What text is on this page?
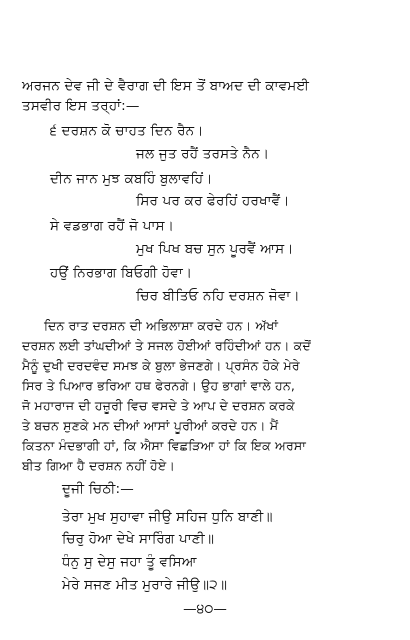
ਅਰਜਨ ਦੇਵ ਜੀ ਦੇ ਵੈਰਾਗ ਦੀ ਇਸ ਤੋਂ ਬਾਅਦ ਦੀ ਕਾਵਮਈ
ਤਸਵੀਰ ਇਸ ਤਰ੍ਹਾਂ:—
੬ ਦਰਸ਼ਨ ਕੋ ਚਾਹਤ ਦਿਨ ਰੈਨ।
ਜਲ ਜੁਤ ਰਹੈਂ ਤਰਸਤੇ ਨੈਨ।
ਦੀਨ ਜਾਨ ਮੁਝ ਕਬਹਿੰ ਬੁਲਾਵਹਿਂ।
ਸਿਰ ਪਰ ਕਰ ਫੇਰਹਿਂ ਹਰਖਾਵੈਂ।
ਸੇ ਵਡਭਾਗ ਰਹੈਂ ਜੋ ਪਾਸ।
ਮੁਖ ਪਿਖ ਬਚ ਸੁਨ ਪੂਰਵੈਂ ਆਸ।
ਹਉਂ ਨਿਰਭਾਗ ਬਿਓਗੀ ਹੋਵਾ।
ਚਿਰ ਬੀਤਿਓ ਨਹਿ ਦਰਸ਼ਨ ਜੋਵਾ।
ਦਿਨ ਰਾਤ ਦਰਸ਼ਨ ਦੀ ਅਭਿਲਾਸ਼ਾ ਕਰਦੇ ਹਨ। ਅੱਖਾਂ
ਦਰਸ਼ਨ ਲਈ ਤਾਂਘਦੀਆਂ ਤੇ ਸਜਲ ਹੋਈਆਂ ਰਹਿੰਦੀਆਂ ਹਨ। ਕਦੋਂ
ਮੈਨੂੰ ਦੁਖੀ ਦਰਦਵੰਦ ਸਮਝ ਕੇ ਬੁਲਾ ਭੇਜਣਗੇ। ਪ੍ਰਸੰਨ ਹੋਕੇ ਮੇਰੇ
ਸਿਰ ਤੇ ਪਿਆਰ ਭਰਿਆ ਹਥ ਫੇਰਨਗੇ। ਉਹ ਭਾਗਾਂ ਵਾਲੇ ਹਨ,
ਜੋ ਮਹਾਰਾਜ ਦੀ ਹਜ਼ੂਰੀ ਵਿਚ ਵਸਦੇ ਤੇ ਆਪ ਦੇ ਦਰਸ਼ਨ ਕਰਕੇ
ਤੇ ਬਚਨ ਸੁਣਕੇ ਮਨ ਦੀਆਂ ਆਸਾਂ ਪੂਰੀਆਂ ਕਰਦੇ ਹਨ। ਮੈਂ
ਕਿਤਨਾ ਮੰਦਭਾਗੀ ਹਾਂ, ਕਿ ਐਸਾ ਵਿਛੜਿਆ ਹਾਂ ਕਿ ਇਕ ਅਰਸਾ
ਬੀਤ ਗਿਆ ਹੈ ਦਰਸ਼ਨ ਨਹੀਂ ਹੋਏ।
ਦੂਜੀ ਚਿਠੀ:—
ਤੇਰਾ ਮੁਖ ਸੁਹਾਵਾ ਜੀਉ ਸਹਿਜ ਧੁਨਿ ਬਾਣੀ॥
ਚਿਰੁ ਹੋਆ ਦੇਖੇ ਸਾਰਿੰਗ ਪਾਣੀ॥
ਧੰਨੁ ਸੁ ਦੇਸੁ ਜਹਾ ਤੂੰ ਵਸਿਆ
ਮੇਰੇ ਸਜਣ ਮੀਤ ਮੁਰਾਰੇ ਜੀਉ॥੨॥
—੪੦—
